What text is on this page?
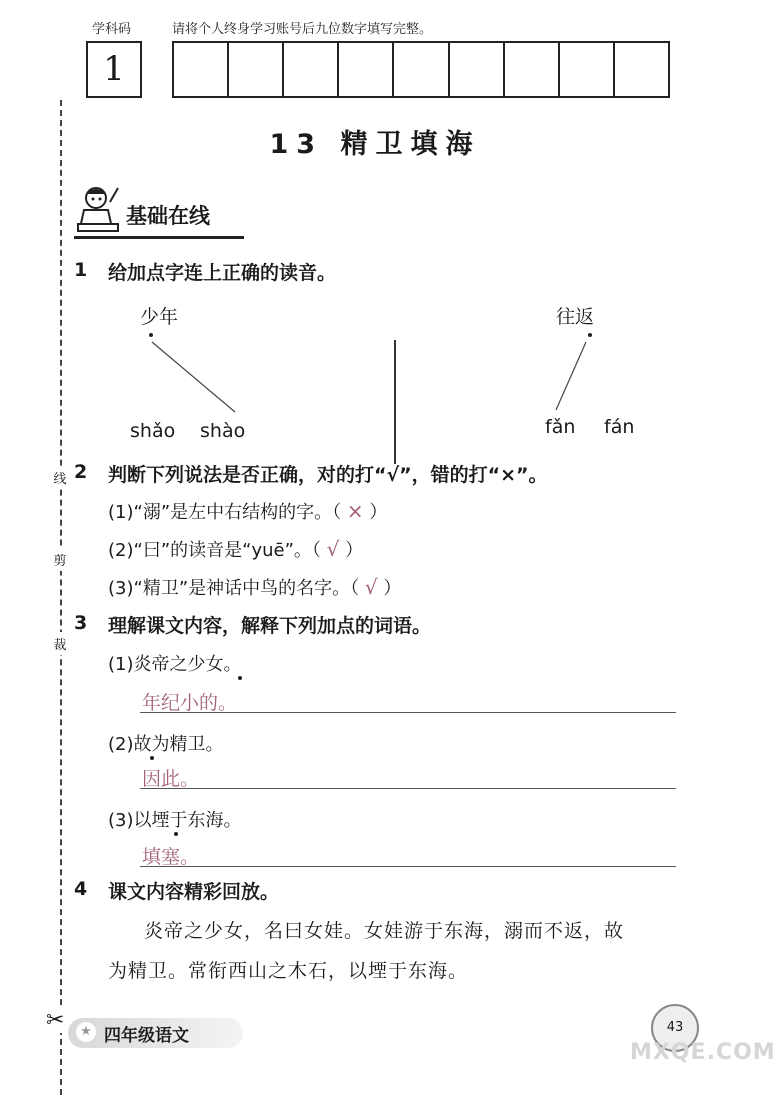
学科码	请将个人终身学习账号后九位数字填写完整。
1
线
剪
裁
✂
13 精卫填海
基础在线
1 给加点字连上正确的读音。
少年
shǎo shào
往返
fǎn fán
2 判断下列说法是否正确，对的打“√”，错的打“×”。
(1)“溺”是左中右结构的字。（ × ）
(2)“曰”的读音是“yuē”。（ √ ）
(3)“精卫”是神话中鸟的名字。（ √ ）
3 理解课文内容，解释下列加点的词语。
(1)炎帝之少女。
年纪小的。
(2)故为精卫。
因此。
(3)以堙于东海。
填塞。
4 课文内容精彩回放。
炎帝之少女，名曰女娃。女娃游于东海，溺而不返，故
为精卫。常衔西山之木石，以堙于东海。
★ 四年级语文	43
MXQE.COM
